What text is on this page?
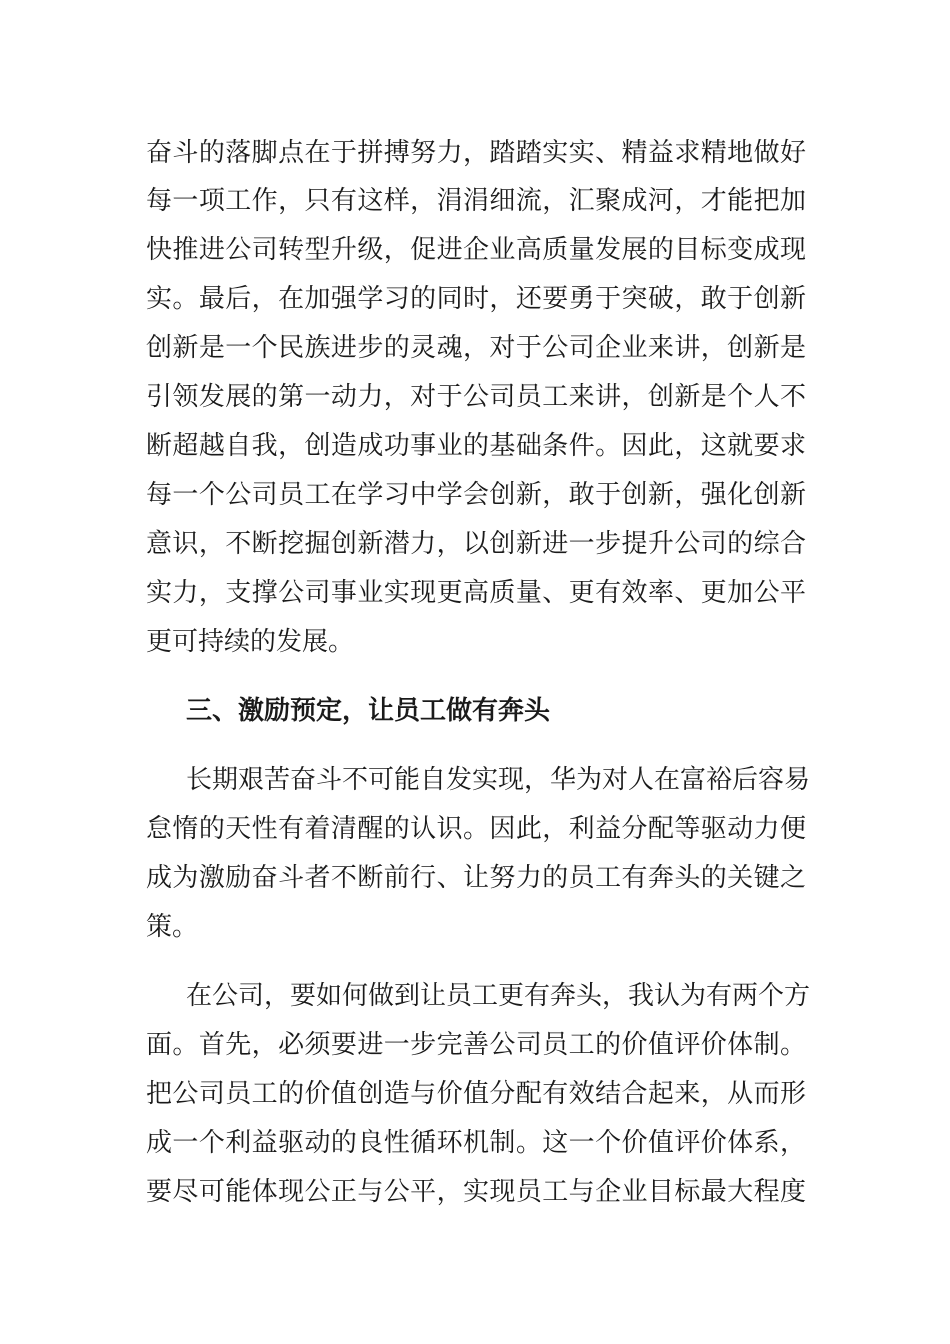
奋斗的落脚点在于拼搏努力，踏踏实实、精益求精地做好
每一项工作，只有这样，涓涓细流，汇聚成河，才能把加
快推进公司转型升级，促进企业高质量发展的目标变成现
实。最后，在加强学习的同时，还要勇于突破，敢于创新
创新是一个民族进步的灵魂，对于公司企业来讲，创新是
引领发展的第一动力，对于公司员工来讲，创新是个人不
断超越自我，创造成功事业的基础条件。因此，这就要求
每一个公司员工在学习中学会创新，敢于创新，强化创新
意识，不断挖掘创新潜力，以创新进一步提升公司的综合
实力，支撑公司事业实现更高质量、更有效率、更加公平
更可持续的发展。
三、激励预定，让员工做有奔头
长期艰苦奋斗不可能自发实现，华为对人在富裕后容易
怠惰的天性有着清醒的认识。因此，利益分配等驱动力便
成为激励奋斗者不断前行、让努力的员工有奔头的关键之
策。
在公司，要如何做到让员工更有奔头，我认为有两个方
面。首先，必须要进一步完善公司员工的价值评价体制。
把公司员工的价值创造与价值分配有效结合起来，从而形
成一个利益驱动的良性循环机制。这一个价值评价体系，
要尽可能体现公正与公平，实现员工与企业目标最大程度
